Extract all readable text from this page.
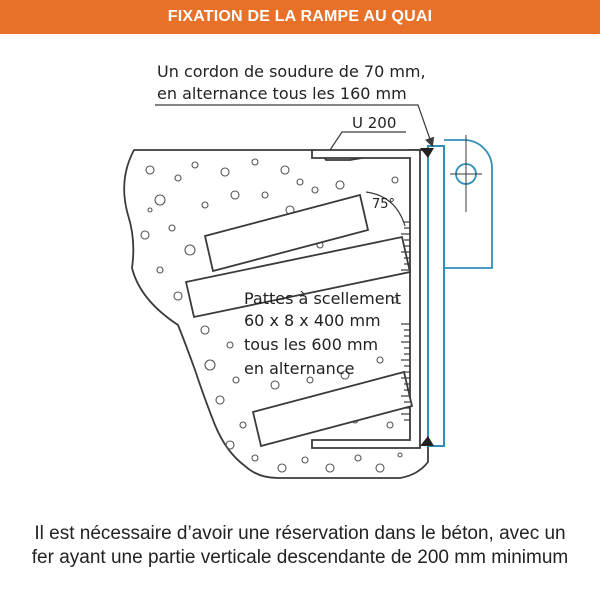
FIXATION DE LA RAMPE AU QUAI
75°
U 200
Un cordon de soudure de 70 mm,
en alternance tous les 160 mm
Pattes à scellement
60 x 8 x 400 mm
tous les 600 mm
en alternance
Il est nécessaire d’avoir une réservation dans le béton, avec un
fer ayant une partie verticale descendante de 200 mm minimum
